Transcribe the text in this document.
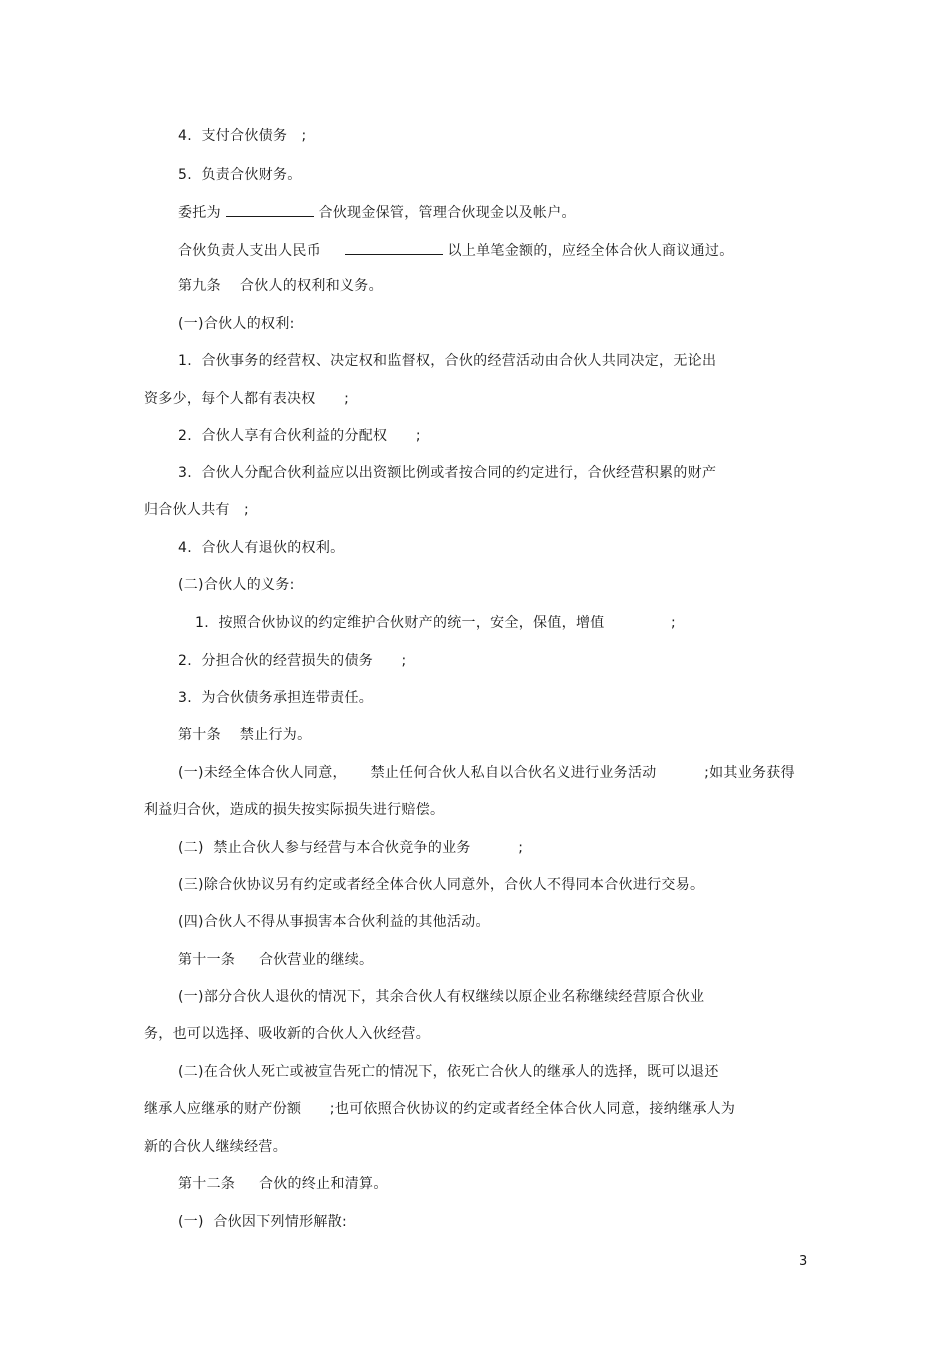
4.  支付合伙债务   ;

5.  负责合伙财务。

委托为	合伙现金保管，管理合伙现金以及帐户。

合伙负责人支出人民币	以上单笔金额的，应经全体合伙人商议通过。

第九条    合伙人的权利和义务。

(一)合伙人的权利:

1.  合伙事务的经营权、决定权和监督权，合伙的经营活动由合伙人共同决定，无论出

资多少，每个人都有表决权      ;

2.  合伙人享有合伙利益的分配权      ;

3.  合伙人分配合伙利益应以出资额比例或者按合同的约定进行，合伙经营积累的财产

归合伙人共有   ;

4.  合伙人有退伙的权利。

(二)合伙人的义务:

1.  按照合伙协议的约定维护合伙财产的统一，安全，保值，增值              ;

2.  分担合伙的经营损失的债务      ;

3.  为合伙债务承担连带责任。

第十条    禁止行为。

(一)未经全体合伙人同意，     禁止任何合伙人私自以合伙名义进行业务活动          ;如其业务获得

利益归合伙，造成的损失按实际损失进行赔偿。

(二)  禁止合伙人参与经营与本合伙竞争的业务          ;

(三)除合伙协议另有约定或者经全体合伙人同意外，合伙人不得同本合伙进行交易。

(四)合伙人不得从事损害本合伙利益的其他活动。

第十一条     合伙营业的继续。

(一)部分合伙人退伙的情况下，其余合伙人有权继续以原企业名称继续经营原合伙业

务，也可以选择、吸收新的合伙人入伙经营。

(二)在合伙人死亡或被宣告死亡的情况下，依死亡合伙人的继承人的选择，既可以退还

继承人应继承的财产份额      ;也可依照合伙协议的约定或者经全体合伙人同意，接纳继承人为

新的合伙人继续经营。

第十二条     合伙的终止和清算。

(一)  合伙因下列情形解散:

3
